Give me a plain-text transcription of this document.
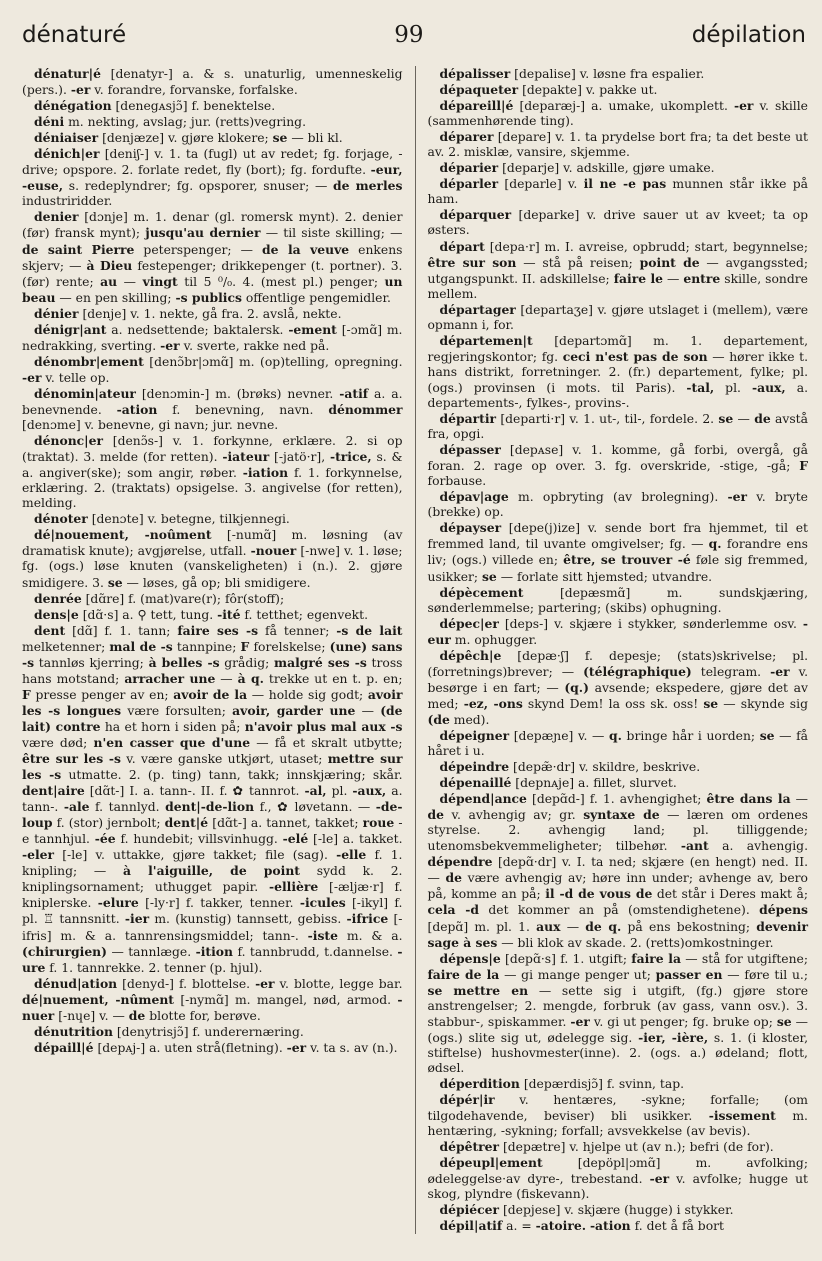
dénaturé	99	dépilation

dénatur|é [denatyr-] a. & s. unaturlig, umenneskelig (pers.). -er v. forandre, forvanske, forfalske.

dénégation [denegᴀsjɔ̃] f. benektelse.

déni m. nekting, avslag; jur. (retts)vegring.

déniaiser [denjæze] v. gjøre klokere; se — bli kl.

dénich|er [deniʃ-] v. 1. ta (fugl) ut av redet; fg. forjage, -drive; opspore. 2. forlate redet, fly (bort); fg. fordufte. -eur, -euse, s. redeplyndrer; fg. opsporer, snuser; — de merles industriridder.

denier [dɔnje] m. 1. denar (gl. romersk mynt). 2. denier (før) fransk mynt); jusqu'au dernier — til siste skilling; — de saint Pierre peterspenger; — de la veuve enkens skjerv; — à Dieu festepenger; drikkepenger (t. portner). 3. (før) rente; au — vingt til 5 ⁰/₀. 4. (mest pl.) penger; un beau — en pen skilling; -s publics offentlige pengemidler.

dénier [denje] v. 1. nekte, gå fra. 2. avslå, nekte.

dénigr|ant a. nedsettende; baktalersk. -ement [-ɔmɑ̃] m. nedrakking, sverting. -er v. sverte, rakke ned på.

dénombr|ement [denɔ̃br|ɔmɑ̃] m. (op)telling, opregning. -er v. telle op.

dénomin|ateur [denɔmin-] m. (brøks) nevner. -atif a. a. benevnende. -ation f. benevning, navn. dénommer [denɔme] v. benevne, gi navn; jur. nevne.

dénonc|er [denɔ̃s-] v. 1. forkynne, erklære. 2. si op (traktat). 3. melde (for retten). -iateur [-jatö·r], -trice, s. & a. angiver(ske); som angir, røber. -iation f. 1. forkynnelse, erklæring. 2. (traktats) opsigelse. 3. angivelse (for retten), melding.

dénoter [denɔte] v. betegne, tilkjennegi.

dé|nouement, -noûment [-numɑ̃] m. løsning (av dramatisk knute); avgjørelse, utfall. -nouer [-nwe] v. 1. løse; fg. (ogs.) løse knuten (vanskeligheten) i (n.). 2. gjøre smidigere. 3. se — løses, gå op; bli smidigere.

denrée [dɑ̃re] f. (mat)vare(r); fôr(stoff);

dens|e [dɑ̃·s] a. ⚲ tett, tung. -ité f. tetthet; egenvekt.

dent [dɑ̃] f. 1. tann; faire ses -s få tenner; -s de lait melketenner; mal de -s tannpine; F forelskelse; (une) sans -s tannløs kjerring; à belles -s grådig; malgré ses -s tross hans motstand; arracher une — à q. trekke ut en t. p. en; F presse penger av en; avoir de la — holde sig godt; avoir les -s longues være forsulten; avoir, garder une — (de lait) contre ha et horn i siden på; n'avoir plus mal aux -s være død; n'en casser que d'une — få et skralt utbytte; être sur les -s v. være ganske utkjørt, utaset; mettre sur les -s utmatte. 2. (p. ting) tann, takk; innskjæring; skår. dent|aire [dɑ̃t-] I. a. tann-. II. f. ✿ tannrot. -al, pl. -aux, a. tann-. -ale f. tannlyd. dent|-de-lion f., ✿ løvetann. — -de-loup f. (stor) jernbolt; dent|é [dɑ̃t-] a. tannet, takket; roue -e tannhjul. -ée f. hundebit; villsvinhugg. -elé [-le] a. takket. -eler [-le] v. uttakke, gjøre takket; file (sag). -elle f. 1. knipling; — à l'aiguille, de point sydd k. 2. kniplingsornament; uthugget papir. -ellière [-æljæ·r] f. kniplerske. -elure [-ly·r] f. takker, tenner. -icules [-ikyl] f. pl. ♖ tannsnitt. -ier m. (kunstig) tannsett, gebiss. -ifrice [-ifris] m. & a. tannrensingsmiddel; tann-. -iste m. & a. (chirurgien) — tannlæge. -ition f. tannbrudd, t.dannelse. -ure f. 1. tannrekke. 2. tenner (p. hjul).

dénud|ation [denyd-] f. blottelse. -er v. blotte, legge bar. dé|nuement, -nûment [-nymɑ̃] m. mangel, nød, armod. -nuer [-nɥe] v. — de blotte for, berøve.

dénutrition [denytrisjɔ̃] f. underernæring.

dépaill|é [depᴀj-] a. uten strå(fletning). -er v. ta s. av (n.).

dépalisser [depalise] v. løsne fra espalier.

dépaqueter [depakte] v. pakke ut.

dépareill|é [deparæj-] a. umake, ukomplett. -er v. skille (sammenhørende ting).

déparer [depare] v. 1. ta prydelse bort fra; ta det beste ut av. 2. misklæ, vansire, skjemme.

déparier [deparje] v. adskille, gjøre umake.

déparler [deparle] v. il ne -e pas munnen står ikke på ham.

déparquer [deparke] v. drive sauer ut av kveet; ta op østers.

départ [depa·r] m. I. avreise, opbrudd; start, begynnelse; être sur son — stå på reisen; point de — avgangssted; utgangspunkt. II. adskillelse; faire le — entre skille, sondre mellem.

départager [departaʒe] v. gjøre utslaget i (mellem), være opmann i, for.

départemen|t [departɔmɑ̃] m. 1. departement, regjeringskontor; fg. ceci n'est pas de son — hører ikke t. hans distrikt, forretninger. 2. (fr.) departement, fylke; pl. (ogs.) provinsen (i mots. til Paris). -tal, pl. -aux, a. departements-, fylkes-, provins-.

départir [departi·r] v. 1. ut-, til-, fordele. 2. se — de avstå fra, opgi.

dépasser [depᴀse] v. 1. komme, gå forbi, overgå, gå foran. 2. rage op over. 3. fg. overskride, -stige, -gå; F forbause.

dépav|age m. opbryting (av brolegning). -er v. bryte (brekke) op.

dépayser [depe(j)ize] v. sende bort fra hjemmet, til et fremmed land, til uvante omgivelser; fg. — q. forandre ens liv; (ogs.) villede en; être, se trouver -é føle sig fremmed, usikker; se — forlate sitt hjemsted; utvandre.

dépècement [depæsmɑ̃] m. sundskjæring, sønderlemmelse; partering; (skibs) ophugning.

dépec|er [deps-] v. skjære i stykker, sønderlemme osv. -eur m. ophugger.

dépêch|e [depæ·ʃ] f. depesje; (stats)skrivelse; pl. (forretnings)brever; — (télégraphique) telegram. -er v. besørge i en fart; — (q.) avsende; ekspedere, gjøre det av med; -ez, -ons skynd Dem! la oss sk. oss! se — skynde sig (de med).

dépeigner [depæɲe] v. — q. bringe hår i uorden; se — få håret i u.

dépeindre [depæ̃·dr] v. skildre, beskrive.

dépenaillé [depnᴀje] a. fillet, slurvet.

dépend|ance [depɑ̃d-] f. 1. avhengighet; être dans la — de v. avhengig av; gr. syntaxe de — læren om ordenes styrelse. 2. avhengig land; pl. tilliggende; utenomsbekvemmeligheter; tilbehør. -ant a. avhengig. dépendre [depɑ̃·dr] v. I. ta ned; skjære (en hengt) ned. II. — de være avhengig av; høre inn under; avhenge av, bero på, komme an på; il -d de vous de det står i Deres makt å; cela -d det kommer an på (omstendighetene). dépens [depɑ̃] m. pl. 1. aux — de q. på ens bekostning; devenir sage à ses — bli klok av skade. 2. (retts)omkostninger.

dépens|e [depɑ̃·s] f. 1. utgift; faire la — stå for utgiftene; faire de la — gi mange penger ut; passer en — føre til u.; se mettre en — sette sig i utgift, (fg.) gjøre store anstrengelser; 2. mengde, forbruk (av gass, vann osv.). 3. stabbur-, spiskammer. -er v. gi ut penger; fg. bruke op; se — (ogs.) slite sig ut, ødelegge sig. -ier, -ière, s. 1. (i kloster, stiftelse) hushovmester(inne). 2. (ogs. a.) ødeland; flott, ødsel.

déperdition [depærdisjɔ̃] f. svinn, tap.

dépér|ir v. hentæres, -sykne; forfalle; (om tilgodehavende, beviser) bli usikker. -issement m. hentæring, -sykning; forfall; avsvekkelse (av bevis).

dépêtrer [depætre] v. hjelpe ut (av n.); befri (de for).

dépeupl|ement [depöpl|ɔmɑ̃] m. avfolking; ødeleggelse·av dyre-, trebestand. -er v. avfolke; hugge ut skog, plyndre (fiskevann).

dépiécer [depjese] v. skjære (hugge) i stykker.

dépil|atif a. = -atoire. -ation f. det å få bort
